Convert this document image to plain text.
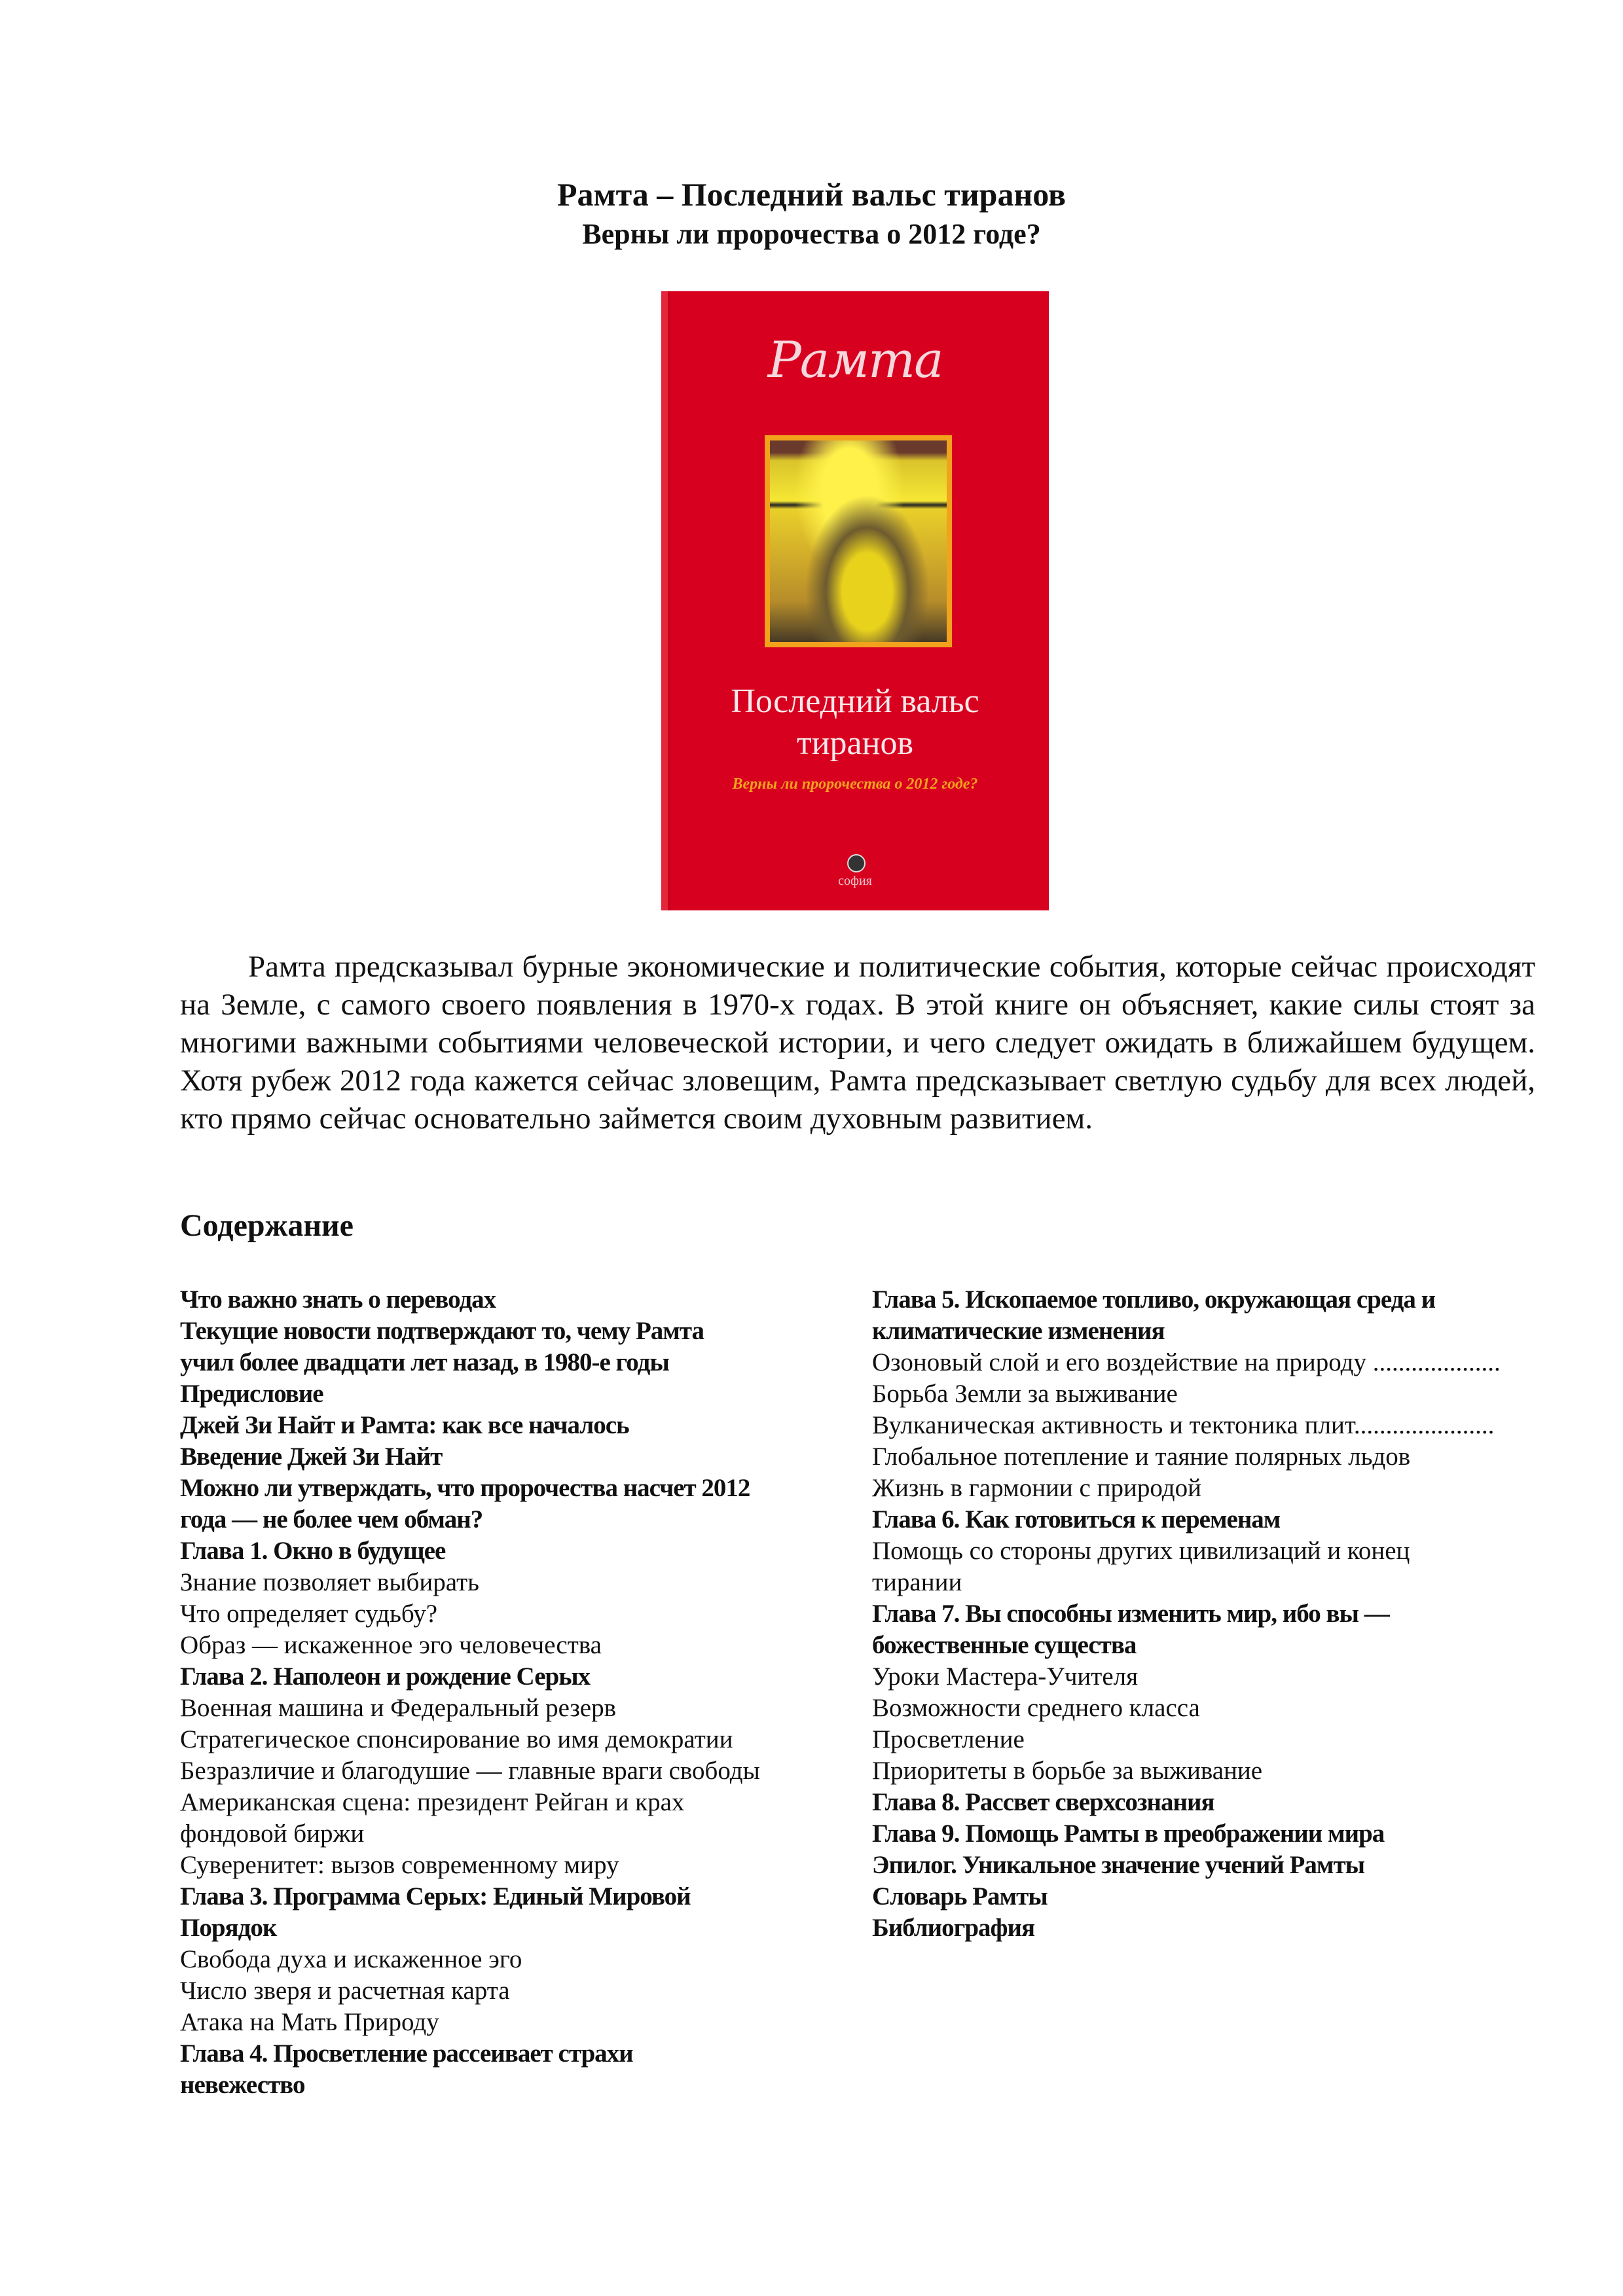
Рамта – Последний вальс тиранов
Верны ли пророчества о 2012 годе?
Рамта
Последний вальс
тиранов
Верны ли пророчества о 2012 годе?
софия
Рамта предсказывал бурные экономические и политические события, которые сейчас происходят на Земле, с самого своего появления в 1970-х годах. В этой книге он объясняет, какие силы стоят за многими важными событиями человеческой истории, и чего следует ожидать в ближайшем будущем. Хотя рубеж 2012 года кажется сейчас зловещим, Рамта предсказывает светлую судьбу для всех людей, кто прямо сейчас основательно займется своим духовным развитием.
Содержание
Что важно знать о переводах
Текущие новости подтверждают то, чему Рамта
учил более двадцати лет назад, в 1980-е годы
Предисловие
Джей Зи Найт и Рамта: как все началось
Введение Джей Зи Найт
Можно ли утверждать, что пророчества насчет 2012
года — не более чем обман?
Глава 1. Окно в будущее
Знание позволяет выбирать
Что определяет судьбу?
Образ — искаженное эго человечества
Глава 2. Наполеон и рождение Серых
Военная машина и Федеральный резерв
Стратегическое спонсирование во имя демократии
Безразличие и благодушие — главные враги свободы
Американская сцена: президент Рейган и крах
фондовой биржи
Суверенитет: вызов современному миру
Глава 3. Программа Серых: Единый Мировой
Порядок
Свобода духа и искаженное эго
Число зверя и расчетная карта
Атака на Мать Природу
Глава 4. Просветление рассеивает страхи
невежество
Глава 5. Ископаемое топливо, окружающая среда и
климатические изменения
Озоновый слой и его воздействие на природу ....................
Борьба Земли за выживание
Вулканическая активность и тектоника плит......................
Глобальное потепление и таяние полярных льдов
Жизнь в гармонии с природой
Глава 6. Как готовиться к переменам
Помощь со стороны других цивилизаций и конец
тирании
Глава 7. Вы способны изменить мир, ибо вы —
божественные существа
Уроки Мастера-Учителя
Возможности среднего класса
Просветление
Приоритеты в борьбе за выживание
Глава 8. Рассвет сверхсознания
Глава 9. Помощь Рамты в преображении мира
Эпилог. Уникальное значение учений Рамты
Словарь Рамты
Библиография
